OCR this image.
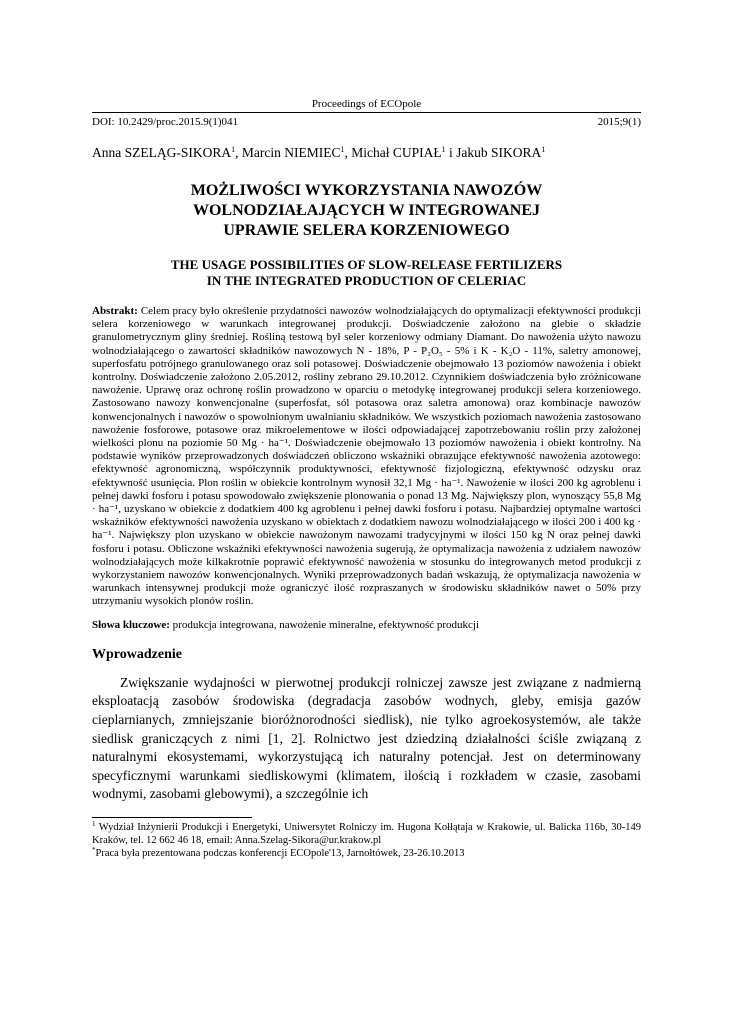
Proceedings of ECOpole
DOI: 10.2429/proc.2015.9(1)041	2015;9(1)
Anna SZELĄG-SIKORA$^1$, Marcin NIEMIEC$^1$, Michał CUPIAŁ$^1$ i Jakub SIKORA$^1$
MOŻLIWOŚCI WYKORZYSTANIA NAWOZÓW
WOLNODZIAŁAJĄCYCH W INTEGROWANEJ
UPRAWIE SELERA KORZENIOWEGO
THE USAGE POSSIBILITIES OF SLOW-RELEASE FERTILIZERS
IN THE INTEGRATED PRODUCTION OF CELERIAC
Abstrakt: Celem pracy było określenie przydatności nawozów wolnodziałających do optymalizacji efektywności produkcji selera korzeniowego w warunkach integrowanej produkcji. Doświadczenie założono na glebie o składzie granulometrycznym gliny średniej. Rośliną testową był seler korzeniowy odmiany Diamant. Do nawożenia użyto nawozu wolnodziałającego o zawartości składników nawozowych N - 18%, P - P₂O₅ - 5% i K - K₂O - 11%, saletry amonowej, superfosfatu potrójnego granulowanego oraz soli potasowej. Doświadczenie obejmowało 13 poziomów nawożenia i obiekt kontrolny. Doświadczenie założono 2.05.2012, rośliny zebrano 29.10.2012. Czynnikiem doświadczenia było zróżnicowane nawożenie. Uprawę oraz ochronę roślin prowadzono w oparciu o metodykę integrowanej produkcji selera korzeniowego. Zastosowano nawozy konwencjonalne (superfosfat, sól potasowa oraz saletra amonowa) oraz kombinacje nawozów konwencjonalnych i nawozów o spowolnionym uwalnianiu składników. We wszystkich poziomach nawożenia zastosowano nawożenie fosforowe, potasowe oraz mikroelementowe w ilości odpowiadającej zapotrzebowaniu roślin przy założonej wielkości plonu na poziomie 50 Mg · ha⁻¹. Doświadczenie obejmowało 13 poziomów nawożenia i obiekt kontrolny. Na podstawie wyników przeprowadzonych doświadczeń obliczono wskaźniki obrazujące efektywność nawożenia azotowego: efektywność agronomiczną, współczynnik produktywności, efektywność fizjologiczną, efektywność odzysku oraz efektywność usunięcia. Plon roślin w obiekcie kontrolnym wynosił 32,1 Mg · ha⁻¹. Nawożenie w ilości 200 kg agroblenu i pełnej dawki fosforu i potasu spowodowało zwiększenie plonowania o ponad 13 Mg. Największy plon, wynoszący 55,8 Mg · ha⁻¹, uzyskano w obiekcie z dodatkiem 400 kg agroblenu i pełnej dawki fosforu i potasu. Najbardziej optymalne wartości wskaźników efektywności nawożenia uzyskano w obiektach z dodatkiem nawozu wolnodziałającego w ilości 200 i 400 kg · ha⁻¹. Największy plon uzyskano w obiekcie nawożonym nawozami tradycyjnymi w ilości 150 kg N oraz pełnej dawki fosforu i potasu. Obliczone wskaźniki efektywności nawożenia sugerują, że optymalizacja nawożenia z udziałem nawozów wolnodziałających może kilkakrotnie poprawić efektywność nawożenia w stosunku do integrowanych metod produkcji z wykorzystaniem nawozów konwencjonalnych. Wyniki przeprowadzonych badań wskazują, że optymalizacja nawożenia w warunkach intensywnej produkcji może ograniczyć ilość rozpraszanych w środowisku składników nawet o 50% przy utrzymaniu wysokich plonów roślin.
Słowa kluczowe: produkcja integrowana, nawożenie mineralne, efektywność produkcji
Wprowadzenie
Zwiększanie wydajności w pierwotnej produkcji rolniczej zawsze jest związane z nadmierną eksploatacją zasobów środowiska (degradacja zasobów wodnych, gleby, emisja gazów cieplarnianych, zmniejszanie bioróżnorodności siedlisk), nie tylko agroekosystemów, ale także siedlisk graniczących z nimi [1, 2]. Rolnictwo jest dziedziną działalności ściśle związaną z naturalnymi ekosystemami, wykorzystującą ich naturalny potencjał. Jest on determinowany specyficznymi warunkami siedliskowymi (klimatem, ilością i rozkładem w czasie, zasobami wodnymi, zasobami glebowymi), a szczególnie ich

$^1$ Wydział Inżynierii Produkcji i Energetyki, Uniwersytet Rolniczy im. Hugona Kołłątaja w Krakowie, ul. Balicka 116b, 30-149 Kraków, tel. 12 662 46 18, email: Anna.Szelag-Sikora@ur.krakow.pl

*Praca była prezentowana podczas konferencji ECOpole'13, Jarnołtówek, 23-26.10.2013
